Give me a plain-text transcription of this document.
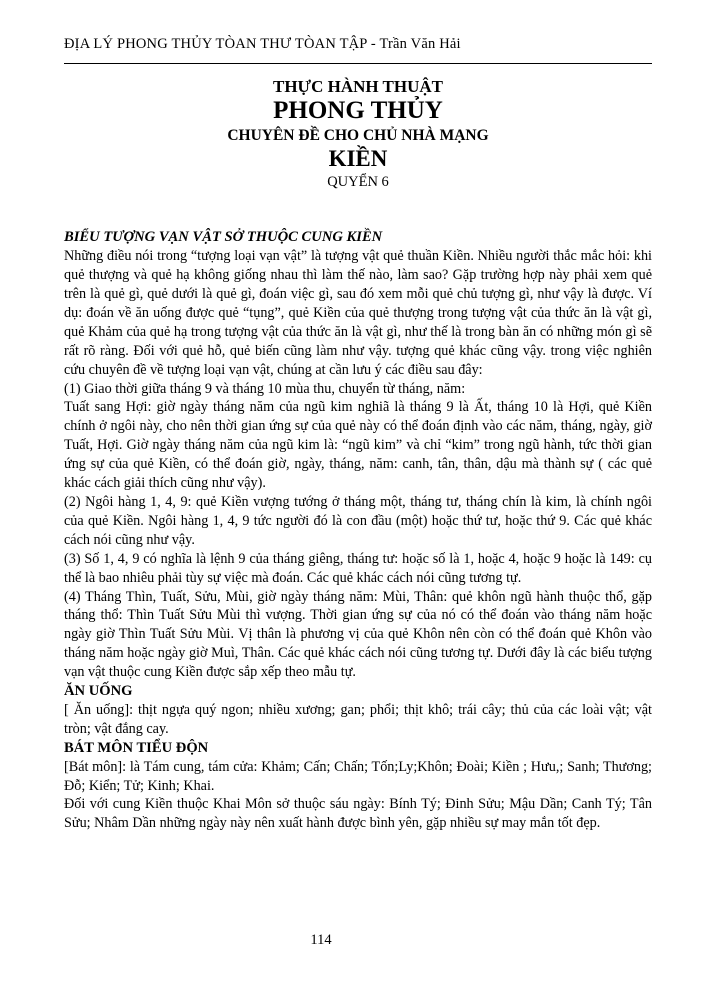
ĐỊA LÝ PHONG THỦY TÒAN THƯ TÒAN TẬP - Trần Văn Hải
THỰC HÀNH THUẬT
PHONG THỦY
CHUYÊN ĐỀ CHO CHỦ NHÀ MẠNG
KIỀN
QUYỂN 6

BIỂU TƯỢNG VẠN VẬT SỞ THUỘC CUNG KIỀN

Những điều nói trong “tượng loại vạn vật” là tượng vật quẻ thuần Kiền. Nhiều người thắc mắc hỏi: khi quẻ thượng và quẻ hạ không giống nhau thì làm thế nào, làm sao? Gặp trường hợp này phải xem quẻ trên là quẻ gì, quẻ dưới là quẻ gì, đoán việc gì, sau đó xem mỗi quẻ chủ tượng gì, như vậy là được. Ví dụ: đoán về ăn uống được quẻ “tụng”, quẻ Kiền của quẻ thượng trong tượng vật của thức ăn là vật gì, quẻ Khảm của quẻ hạ trong tượng vật của thức ăn là vật gì, như thế là trong bàn ăn có những món gì sẽ rất rõ ràng. Đối với quẻ hỗ, quẻ biến cũng làm như vậy. tượng quẻ khác cũng vậy. trong việc nghiên cứu chuyên đề về tượng loại vạn vật, chúng at cần lưu ý các điều sau đây:

(1) Giao thời giữa tháng 9 và tháng 10 mùa thu, chuyển từ tháng, năm:

Tuất sang Hợi: giờ ngày tháng năm của ngũ kim nghiã là tháng 9 là Ất, tháng 10 là Hợi, quẻ Kiền chính ở ngôi này, cho nên thời gian ứng sự của quẻ này có thể đoán định vào các năm, tháng, ngày, giờ Tuất, Hợi. Giờ ngày tháng năm của ngũ kim là: “ngũ kim” và chỉ “kim” trong ngũ hành, tức thời gian ứng sự của quẻ Kiền, có thể đoán giờ, ngày, tháng, năm: canh, tân, thân, dậu mà thành sự ( các quẻ khác cách giải thích cũng như vậy).

(2) Ngôi hàng 1, 4, 9: quẻ Kiền vượng tướng ở tháng một, tháng tư, tháng chín là kim, là chính ngôi của quẻ Kiền. Ngôi hàng 1, 4, 9 tức người đó là con đầu (một) hoặc thứ tư, hoặc thứ 9. Các quẻ khác cách nói cũng như vậy.

(3) Số 1, 4, 9 có nghĩa là lệnh 9 của tháng giêng, tháng tư: hoặc số là 1, hoặc 4, hoặc 9 hoặc là 149: cụ thể là bao nhiêu phải tùy sự việc mà đoán. Các quẻ khác cách nói cũng tương tự.

(4) Tháng Thìn, Tuất, Sửu, Mùi, giờ ngày tháng năm: Mùi, Thân: quẻ khôn ngũ hành thuộc thổ, gặp tháng thổ: Thìn Tuất Sửu Mùi thì vượng. Thời gian ứng sự của nó có thể đoán vào tháng năm hoặc ngày giờ Thìn Tuất Sửu Mùi. Vị thân là phương vị của quẻ Khôn nên còn có thể đoán quẻ Khôn vào tháng năm hoặc ngày giờ Muì, Thân. Các quẻ khác cách nói cũng tương tự. Dưới đây là các biểu tượng vạn vật thuộc cung Kiền được sắp xếp theo mẫu tự.

ĂN UỐNG

[ Ăn uống]: thịt ngựa quý ngon; nhiều xương; gan; phổi; thịt khô; trái cây; thủ của các loài vật; vật tròn; vật đắng cay.

BÁT MÔN TIỂU ĐỘN

[Bát môn]: là Tám cung, tám cửa: Khảm; Cấn; Chấn; Tốn;Ly;Khôn; Đoài; Kiền ; Hưu,; Sanh; Thương; Đỗ; Kiển; Tử; Kinh; Khai.

Đối với cung Kiền thuộc Khai Môn sở thuộc sáu ngày: Bính Tý; Đinh Sửu; Mậu Dần; Canh Tý; Tân Sửu; Nhâm Dần những ngày này nên xuất hành được bình yên, gặp nhiều sự may mắn tốt đẹp.

114
